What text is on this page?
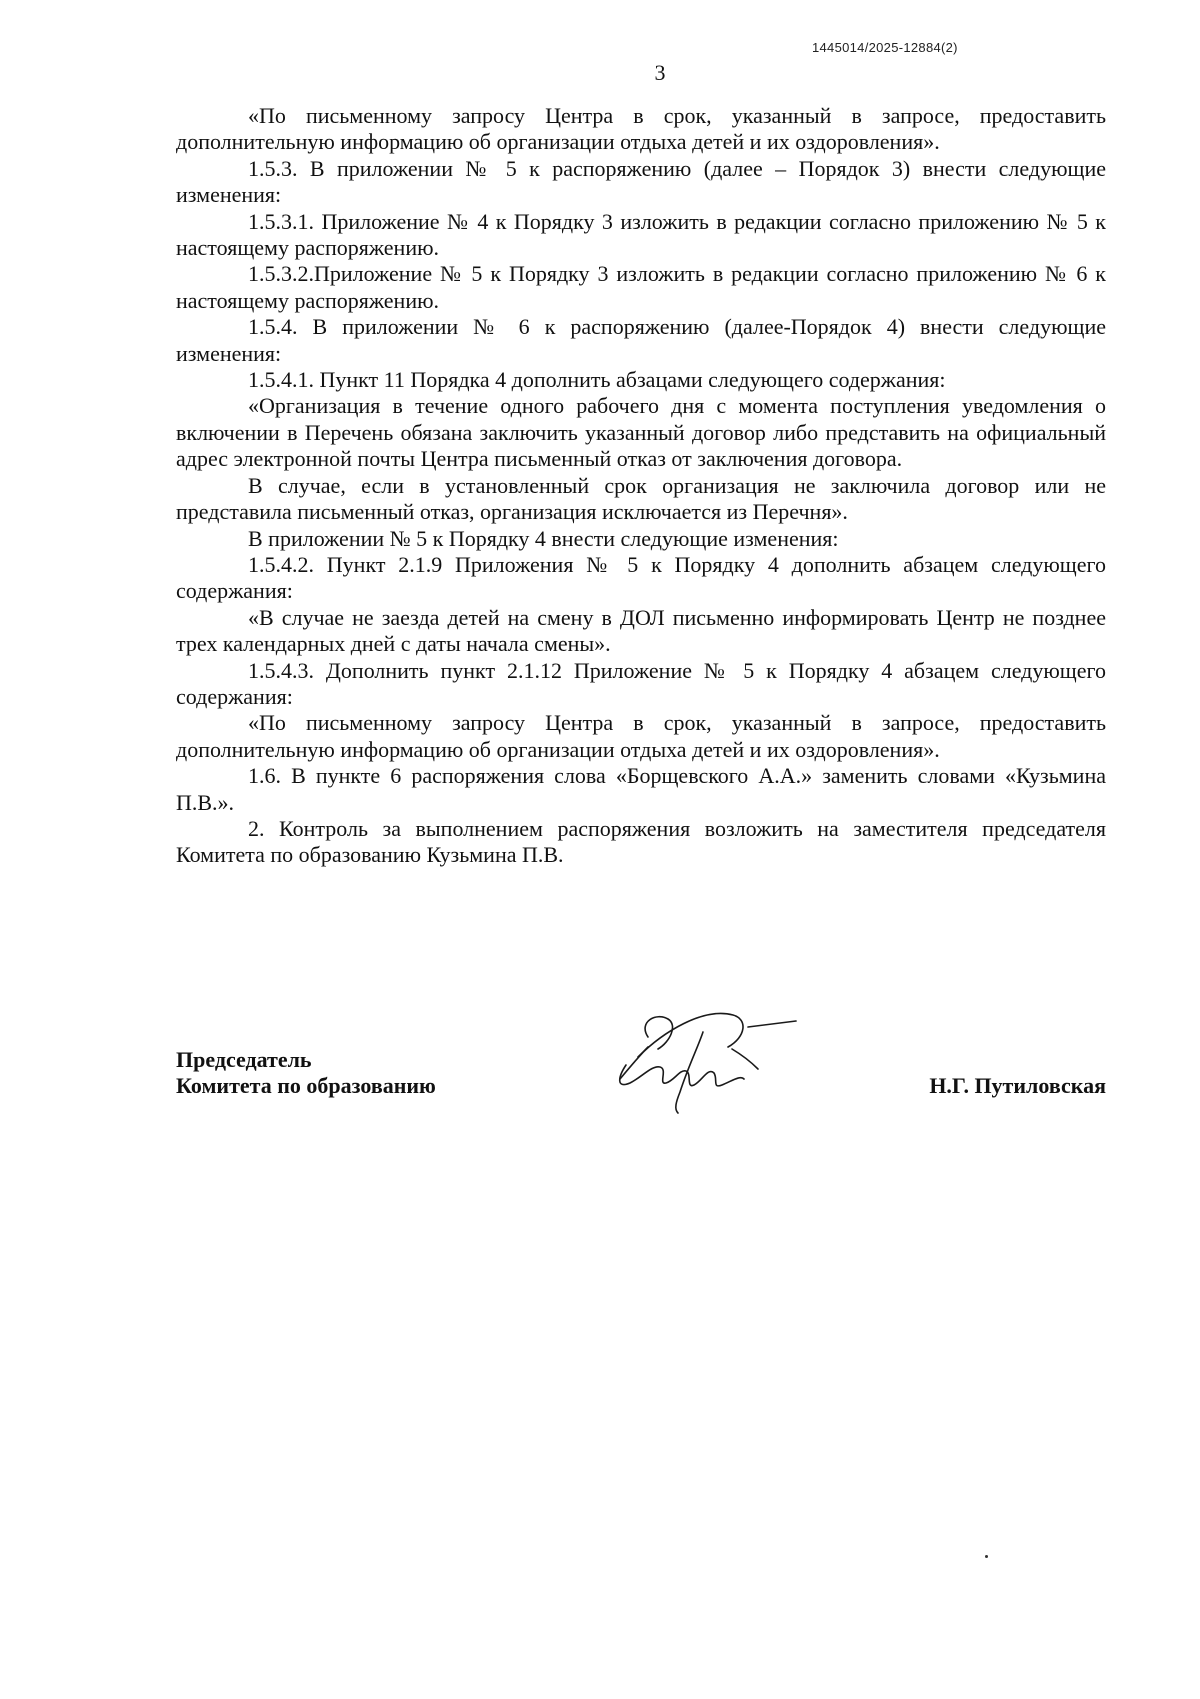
1445014/2025-12884(2)
3

«По письменному запросу Центра в срок, указанный в запросе, предоставить дополнительную информацию об организации отдыха детей и их оздоровления».

1.5.3. В приложении № 5 к распоряжению (далее – Порядок 3) внести следующие изменения:

1.5.3.1. Приложение № 4 к Порядку 3 изложить в редакции согласно приложению № 5 к настоящему распоряжению.

1.5.3.2.Приложение № 5 к Порядку 3 изложить в редакции согласно приложению № 6 к настоящему распоряжению.

1.5.4. В приложении № 6 к распоряжению (далее-Порядок 4) внести следующие изменения:

1.5.4.1. Пункт 11 Порядка 4 дополнить абзацами следующего содержания:

«Организация в течение одного рабочего дня с момента поступления уведомления о включении в Перечень обязана заключить указанный договор либо представить на официальный адрес электронной почты Центра письменный отказ от заключения договора.

В случае, если в установленный срок организация не заключила договор или не представила письменный отказ, организация исключается из Перечня».

В приложении № 5 к Порядку 4 внести следующие изменения:

1.5.4.2. Пункт 2.1.9 Приложения № 5 к Порядку 4 дополнить абзацем следующего содержания:

«В случае не заезда детей на смену в ДОЛ письменно информировать Центр не позднее трех календарных дней с даты начала смены».

1.5.4.3. Дополнить пункт 2.1.12 Приложение № 5 к Порядку 4 абзацем следующего содержания:

«По письменному запросу Центра в срок, указанный в запросе, предоставить дополнительную информацию об организации отдыха детей и их оздоровления».

1.6. В пункте 6 распоряжения слова «Борщевского А.А.» заменить словами «Кузьмина П.В.».

2. Контроль за выполнением распоряжения возложить на заместителя председателя Комитета по образованию Кузьмина П.В.

Председатель
Комитета по образованию	Н.Г. Путиловская
